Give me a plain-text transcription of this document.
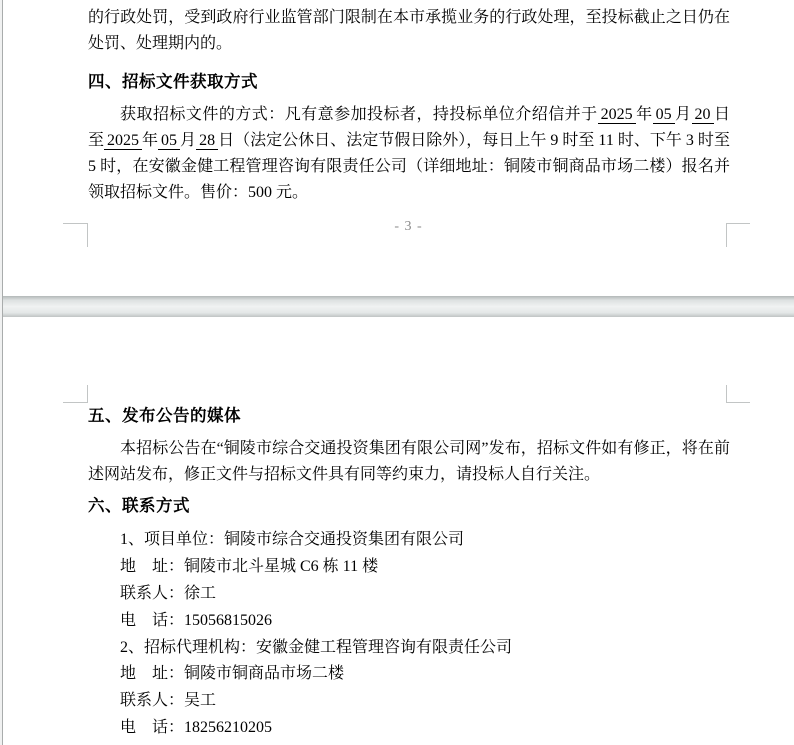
的行政处罚，受到政府行业监管部门限制在本市承揽业务的行政处理，至投标截止之日仍在处罚、处理期内的。

四、招标文件获取方式

获取招标文件的方式：凡有意参加投标者，持投标单位介绍信并于 2025 年 05 月 20 日至 2025 年 05 月 28 日（法定公休日、法定节假日除外），每日上午 9 时至 11 时、下午 3 时至 5 时，在安徽金健工程管理咨询有限责任公司（详细地址：铜陵市铜商品市场二楼）报名并领取招标文件。售价：500 元。

- 3 -

五、发布公告的媒体

本招标公告在“铜陵市综合交通投资集团有限公司网”发布，招标文件如有修正，将在前述网站发布，修正文件与招标文件具有同等约束力，请投标人自行关注。

六、联系方式

1、项目单位：铜陵市综合交通投资集团有限公司
地　址：铜陵市北斗星城 C6 栋 11 楼
联系人：徐工
电　话：15056815026
2、招标代理机构：安徽金健工程管理咨询有限责任公司
地　址：铜陵市铜商品市场二楼
联系人：吴工
电　话：18256210205
